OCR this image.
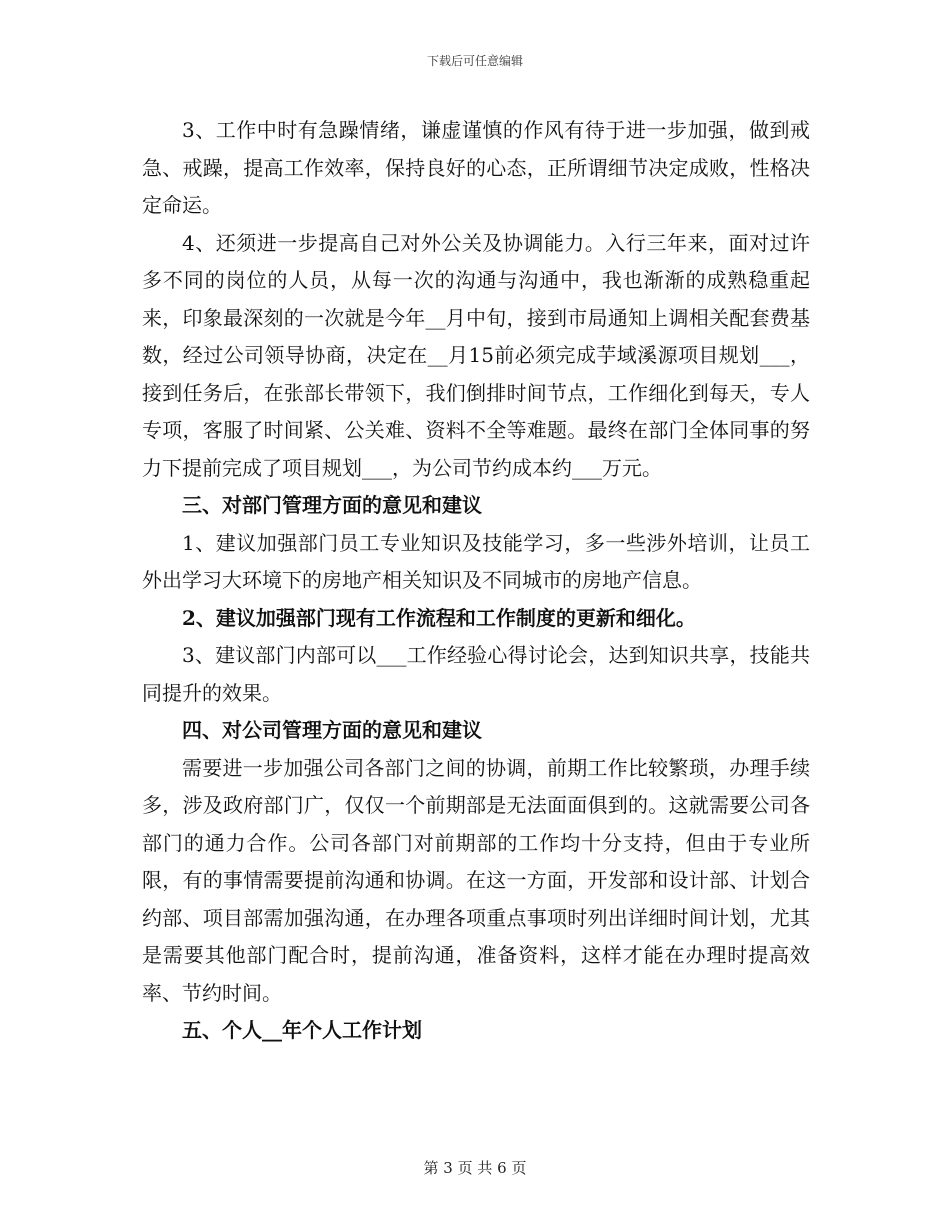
下载后可任意编辑

3、工作中时有急躁情绪，谦虚谨慎的作风有待于进一步加强，做到戒急、戒躁，提高工作效率，保持良好的心态，正所谓细节决定成败，性格决定命运。

4、还须进一步提高自己对外公关及协调能力。入行三年来，面对过许多不同的岗位的人员，从每一次的沟通与沟通中，我也渐渐的成熟稳重起来，印象最深刻的一次就是今年__月中旬，接到市局通知上调相关配套费基数，经过公司领导协商，决定在__月15前必须完成芋域溪源项目规划___，接到任务后，在张部长带领下，我们倒排时间节点，工作细化到每天，专人专项，客服了时间紧、公关难、资料不全等难题。最终在部门全体同事的努力下提前完成了项目规划___，为公司节约成本约___万元。

三、对部门管理方面的意见和建议

1、建议加强部门员工专业知识及技能学习，多一些涉外培训，让员工外出学习大环境下的房地产相关知识及不同城市的房地产信息。

2、建议加强部门现有工作流程和工作制度的更新和细化。

3、建议部门内部可以___工作经验心得讨论会，达到知识共享，技能共同提升的效果。

四、对公司管理方面的意见和建议

需要进一步加强公司各部门之间的协调，前期工作比较繁琐，办理手续多，涉及政府部门广，仅仅一个前期部是无法面面俱到的。这就需要公司各部门的通力合作。公司各部门对前期部的工作均十分支持，但由于专业所限，有的事情需要提前沟通和协调。在这一方面，开发部和设计部、计划合约部、项目部需加强沟通，在办理各项重点事项时列出详细时间计划，尤其是需要其他部门配合时，提前沟通，准备资料，这样才能在办理时提高效率、节约时间。

五、个人__年个人工作计划

第 3 页 共 6 页
